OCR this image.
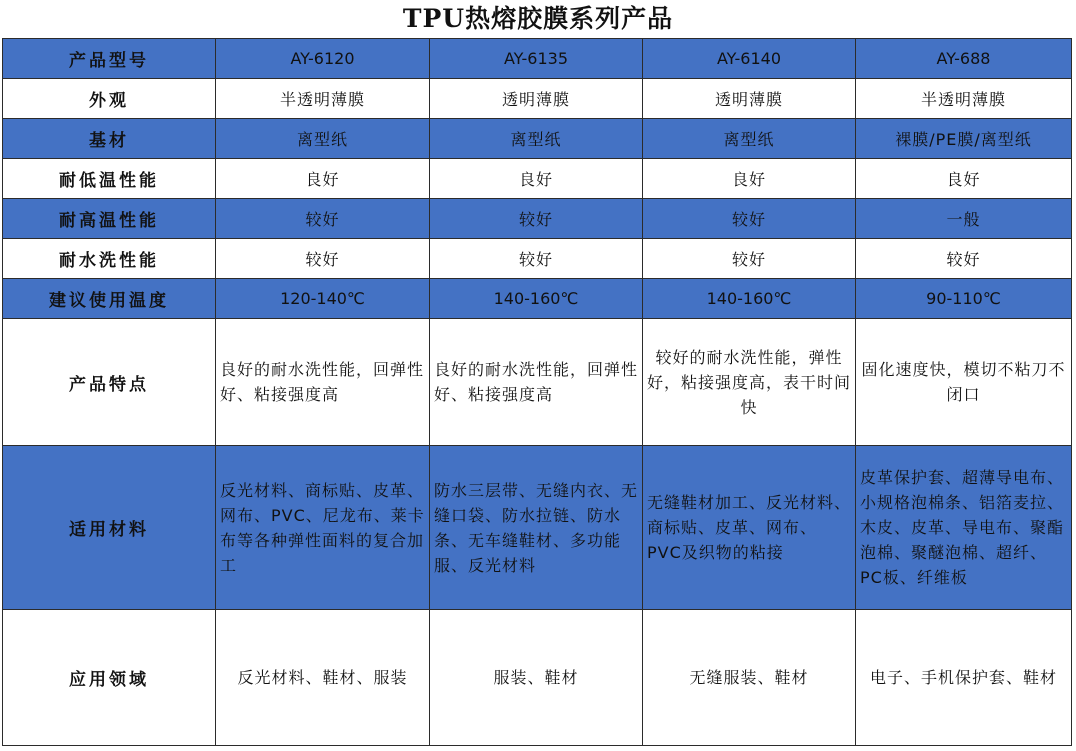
TPU热熔胶膜系列产品
产品型号	AY-6120	AY-6135	AY-6140	AY-688
外观	半透明薄膜	透明薄膜	透明薄膜	半透明薄膜
基材	离型纸	离型纸	离型纸	裸膜/PE膜/离型纸
耐低温性能	良好	良好	良好	良好
耐高温性能	较好	较好	较好	一般
耐水洗性能	较好	较好	较好	较好
建议使用温度	120-140℃	140-160℃	140-160℃	90-110℃
产品特点	良好的耐水洗性能，回弹性好、粘接强度高	良好的耐水洗性能，回弹性好、粘接强度高	较好的耐水洗性能，弹性好，粘接强度高，表干时间快	固化速度快，模切不粘刀不闭口
适用材料	反光材料、商标贴、皮革、网布、PVC、尼龙布、莱卡布等各种弹性面料的复合加工	防水三层带、无缝内衣、无缝口袋、防水拉链、防水条、无车缝鞋材、多功能服、反光材料	无缝鞋材加工、反光材料、商标贴、皮革、网布、PVC及织物的粘接	皮革保护套、超薄导电布、小规格泡棉条、铝箔麦拉、木皮、皮革、导电布、聚酯泡棉、聚醚泡棉、超纤、PC板、纤维板
应用领域	反光材料、鞋材、服装	服装、鞋材	无缝服装、鞋材	电子、手机保护套、鞋材
